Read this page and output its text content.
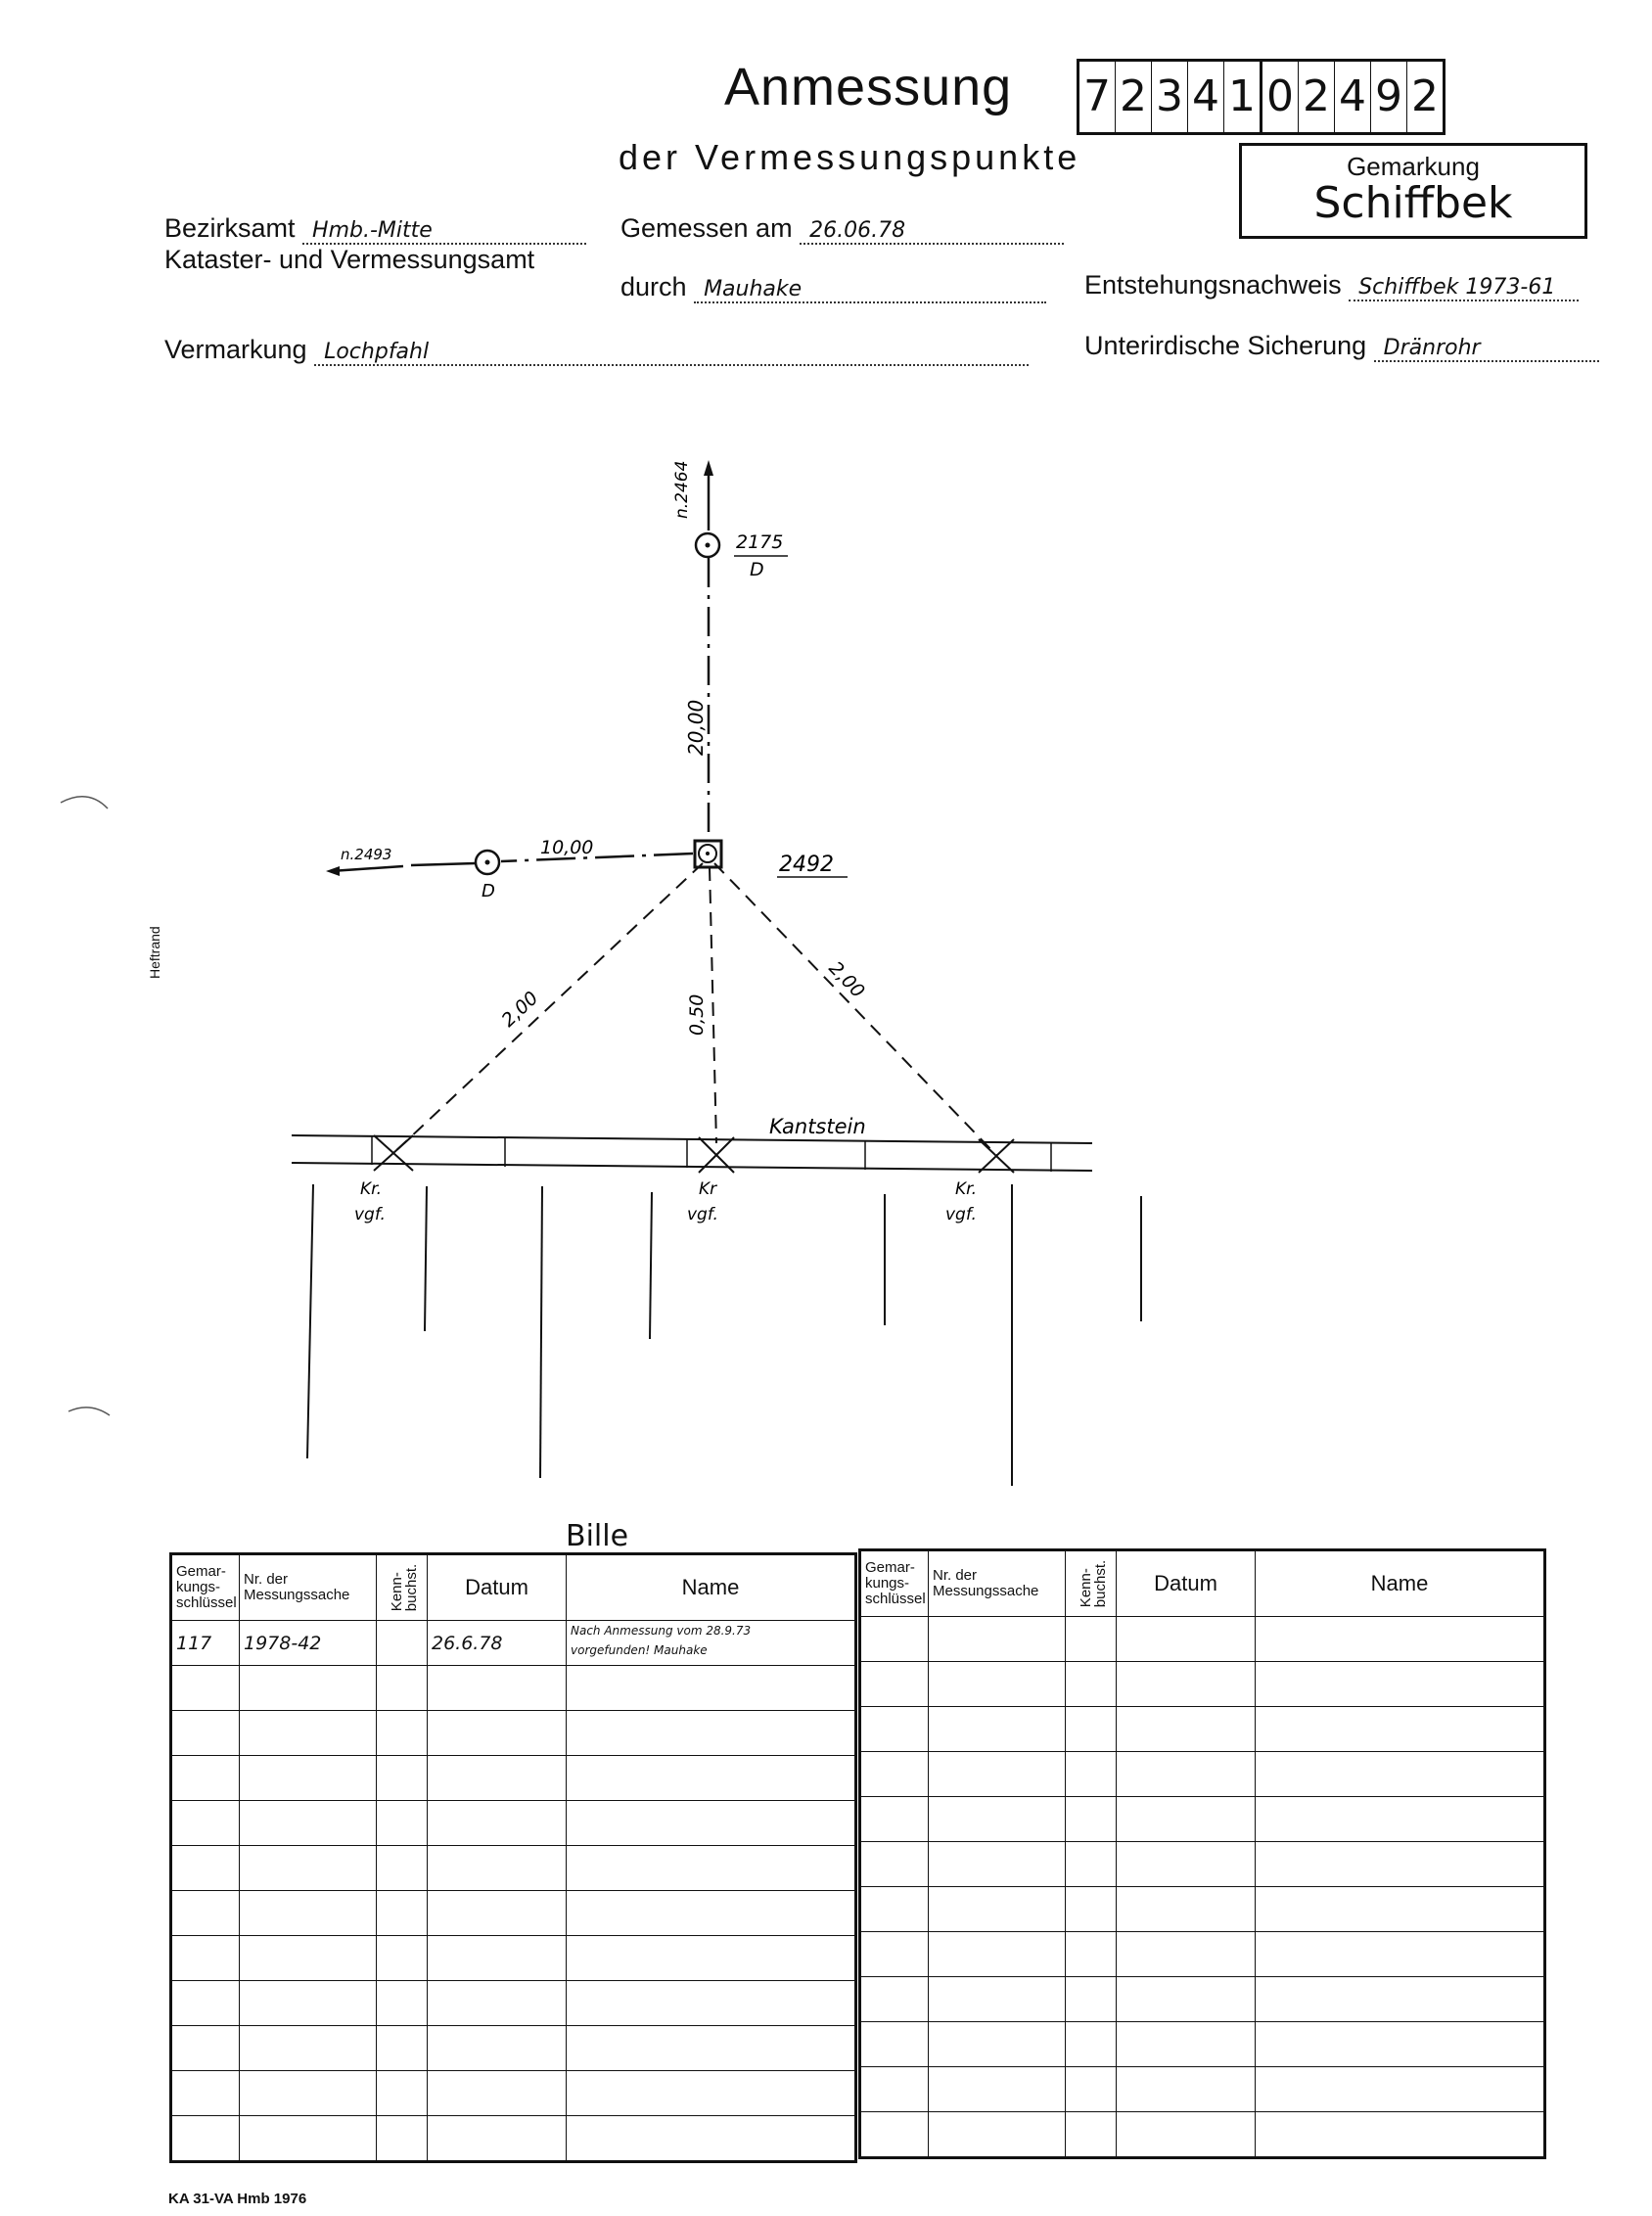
Anmessung
der Vermessungspunkte
7 2 3 4 1 0 2 4 9 2
Gemarkung
Schiffbek
Bezirksamt Hmb.-Mitte
Kataster- und Vermessungsamt
Gemessen am 26.06.78
durch Mauhake	Entstehungsnachweis Schiffbek 1973-61
Vermarkung Lochpfahl	Unterirdische Sicherung Dränrohr
Heftrand
n.2464
2175
D
20,00
2492
10,00
D
n.2493
2,00	0,50
2,00
Kantstein
Kr.
vgf.
Kr
vgf.
Kr.
vgf.
Bille
Gemar-
kungs-
schlüssel	Nr. der
Messungssache	Kenn-
buchst.	Datum	Name
117	1978-42		26.6.78	Nach Anmessung vom 28.9.73
vorgefunden! Mauhake

Gemar-
kungs-
schlüssel	Nr. der
Messungssache	Kenn-
buchst.	Datum	Name

KA 31-VA Hmb 1976
